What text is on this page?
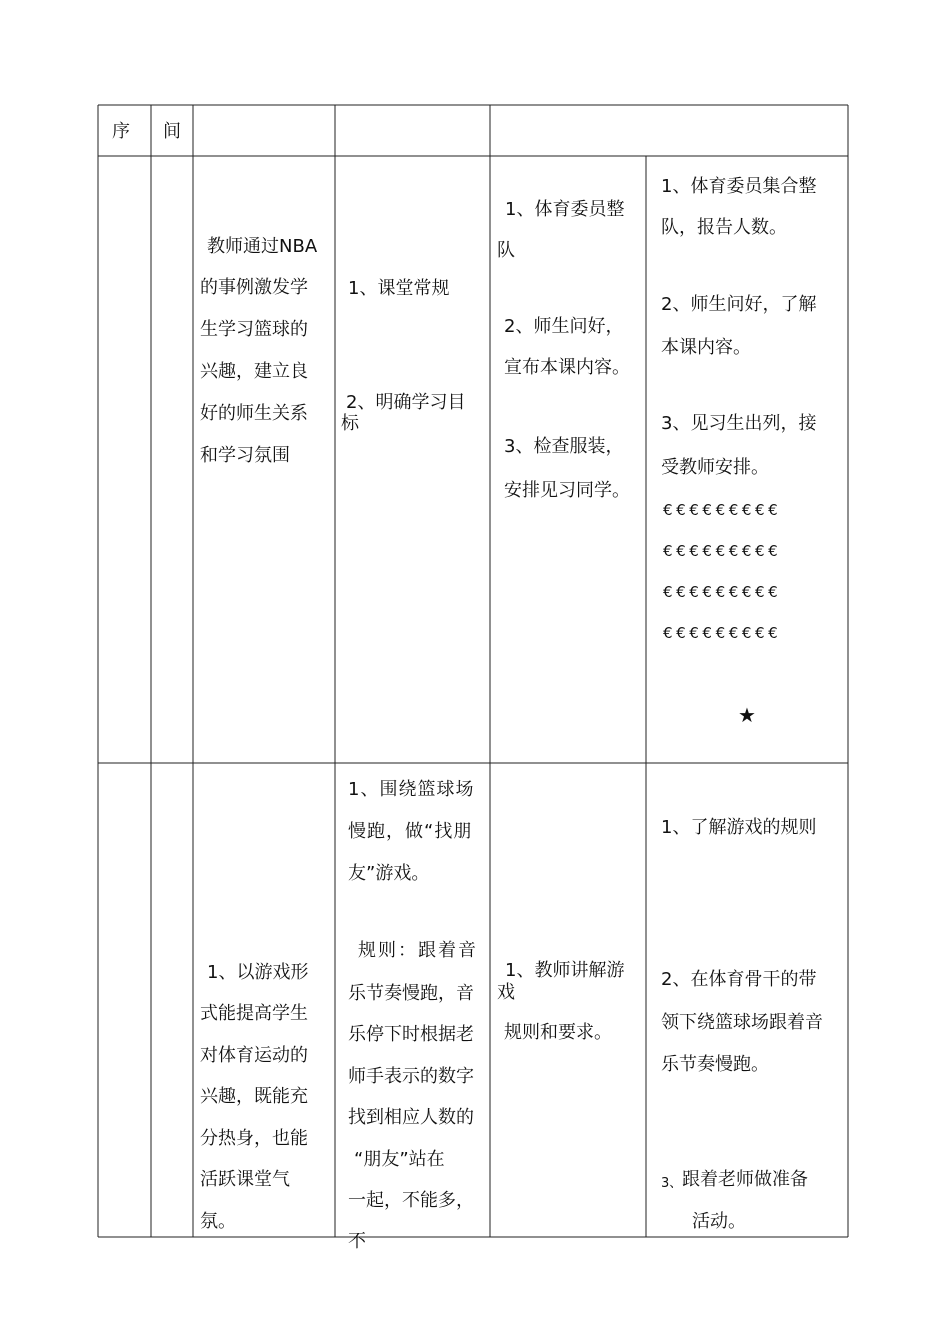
序 间
教师通过NBA
的事例激发学
生学习篮球的
兴趣，建立良
好的师生关系
和学习氛围
1、课堂常规
2、明确学习目
标
1、体育委员整
队
2、师生问好，
宣布本课内容。
3、检查服装，
安排见习同学。
1、体育委员集合整
队，报告人数。
2、师生问好，了解
本课内容。
3、见习生出列，接
受教师安排。
€€€€€€€€€
€€€€€€€€€
€€€€€€€€€
€€€€€€€€€
★
1、以游戏形
式能提高学生
对体育运动的
兴趣，既能充
分热身，也能
活跃课堂气
氛。
1、围绕篮球场
慢跑，做“找朋
友”游戏。
规则：跟着音
乐节奏慢跑，音
乐停下时根据老
师手表示的数字
找到相应人数的
“朋友”站在
一起，不能多，
不
1、教师讲解游
戏
规则和要求。
1、了解游戏的规则
2、在体育骨干的带
领下绕篮球场跟着音
乐节奏慢跑。
3、 跟着老师做准备
活动。
